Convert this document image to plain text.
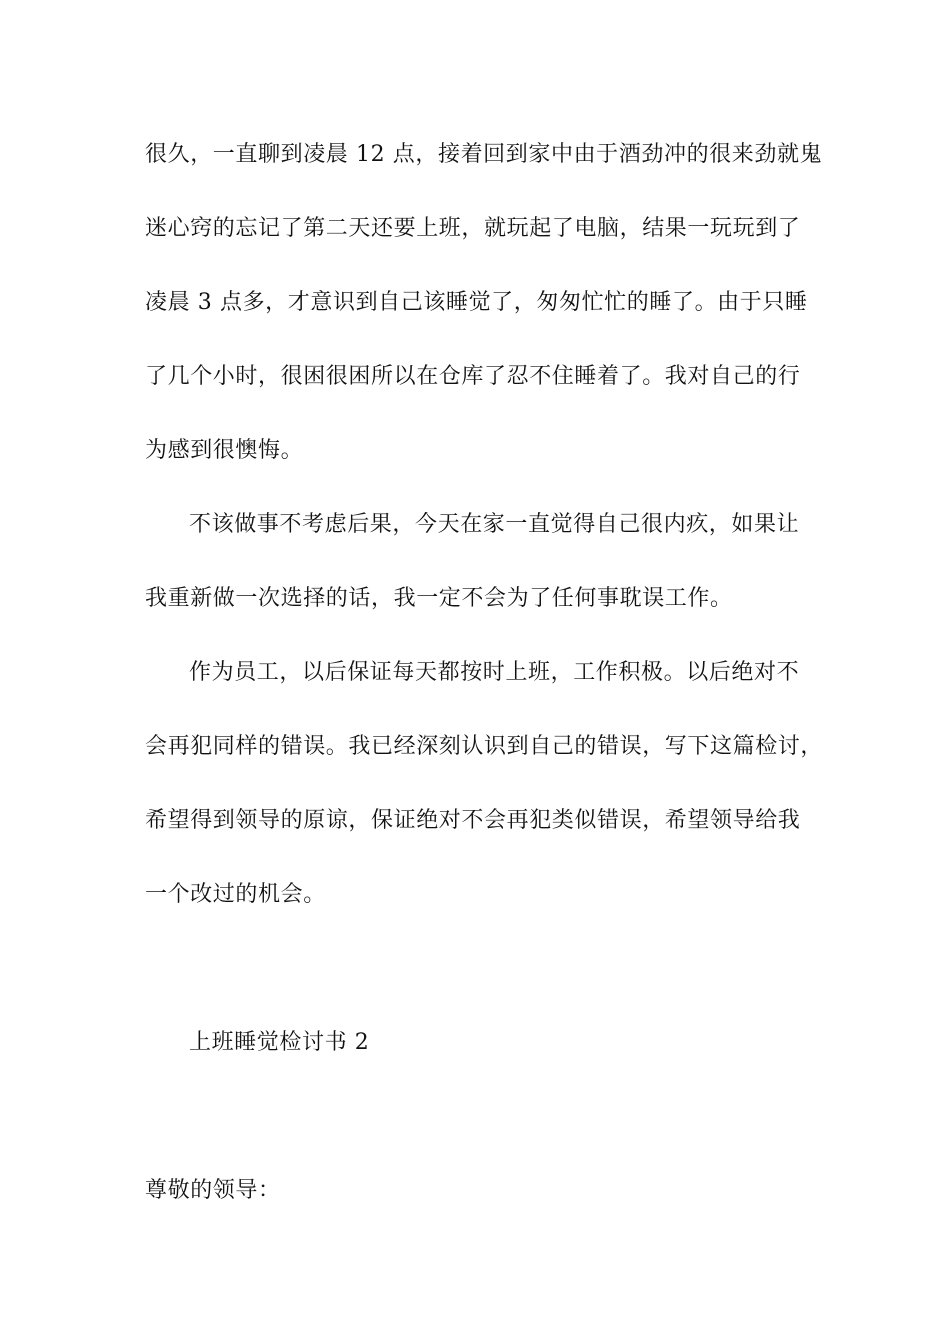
很久，一直聊到凌晨 12 点，接着回到家中由于酒劲冲的很来劲就鬼
迷心窍的忘记了第二天还要上班，就玩起了电脑，结果一玩玩到了
凌晨 3 点多，才意识到自己该睡觉了，匆匆忙忙的睡了。由于只睡
了几个小时，很困很困所以在仓库了忍不住睡着了。我对自己的行
为感到很懊悔。
不该做事不考虑后果，今天在家一直觉得自己很内疚，如果让
我重新做一次选择的话，我一定不会为了任何事耽误工作。
作为员工，以后保证每天都按时上班，工作积极。以后绝对不
会再犯同样的错误。我已经深刻认识到自己的错误，写下这篇检讨，
希望得到领导的原谅，保证绝对不会再犯类似错误，希望领导给我
一个改过的机会。
上班睡觉检讨书 2
尊敬的领导：
